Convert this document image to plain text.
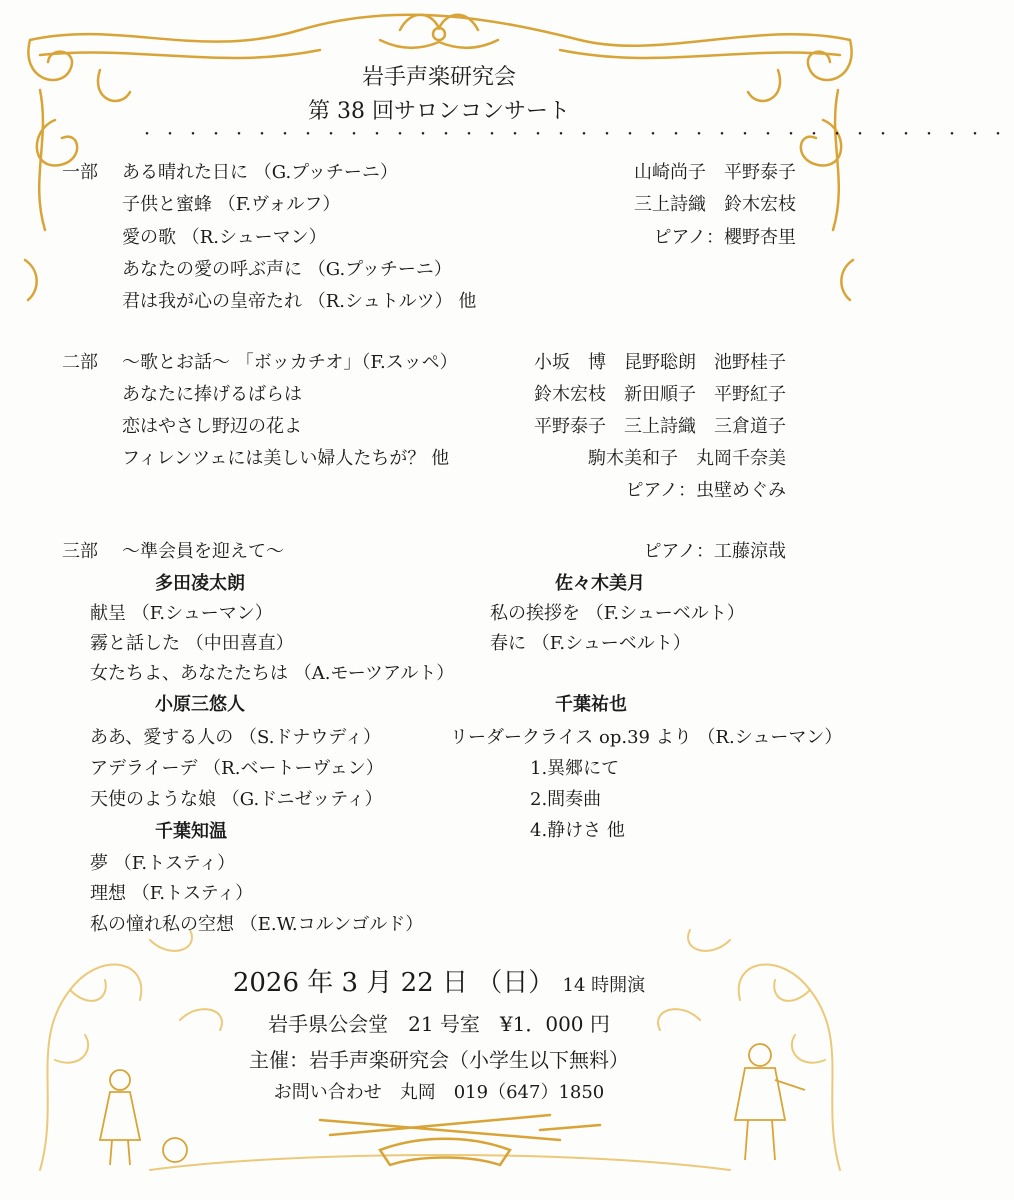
岩手声楽研究会
第 38 回サロンコンサート
・・・・・・・・・・・・・・・・・・・・・・・・・・・・・・・・・・・・・・
一部 ある晴れた日に （G.プッチーニ）
子供と蜜蜂 （F.ヴォルフ）
愛の歌 （R.シューマン）
あなたの愛の呼ぶ声に （G.プッチーニ）
君は我が心の皇帝たれ （R.シュトルツ） 他
山崎尚子　平野泰子
三上詩織　鈴木宏枝
ピアノ：櫻野杏里
二部 ～歌とお話～ 「ボッカチオ」（F.スッペ）
あなたに捧げるばらは
恋はやさし野辺の花よ
フィレンツェには美しい婦人たちが？ 他
小坂　博　昆野聡朗　池野桂子
鈴木宏枝　新田順子　平野紅子
平野泰子　三上詩織　三倉道子
駒木美和子　丸岡千奈美
ピアノ：虫壁めぐみ
三部 ～準会員を迎えて～	ピアノ：工藤涼哉
多田凌太朗
献呈 （F.シューマン）
霧と話した （中田喜直）
女たちよ、あなたたちは （A.モーツアルト）
小原三悠人
ああ、愛する人の （S.ドナウディ）
アデライーデ （R.ベートーヴェン）
天使のような娘 （G.ドニゼッティ）
千葉知温
夢 （F.トスティ）
理想 （F.トスティ）
私の憧れ私の空想 （E.W.コルンゴルド）
佐々木美月
私の挨拶を （F.シューベルト）
春に （F.シューベルト）
千葉祐也
リーダークライス op.39 より （R.シューマン）
1.異郷にて
2.間奏曲
4.静けさ 他
2026 年 3 月 22 日 （日） 14 時開演
岩手県公会堂　21 号室　¥1．000 円
主催：岩手声楽研究会（小学生以下無料）
お問い合わせ　丸岡　019（647）1850
